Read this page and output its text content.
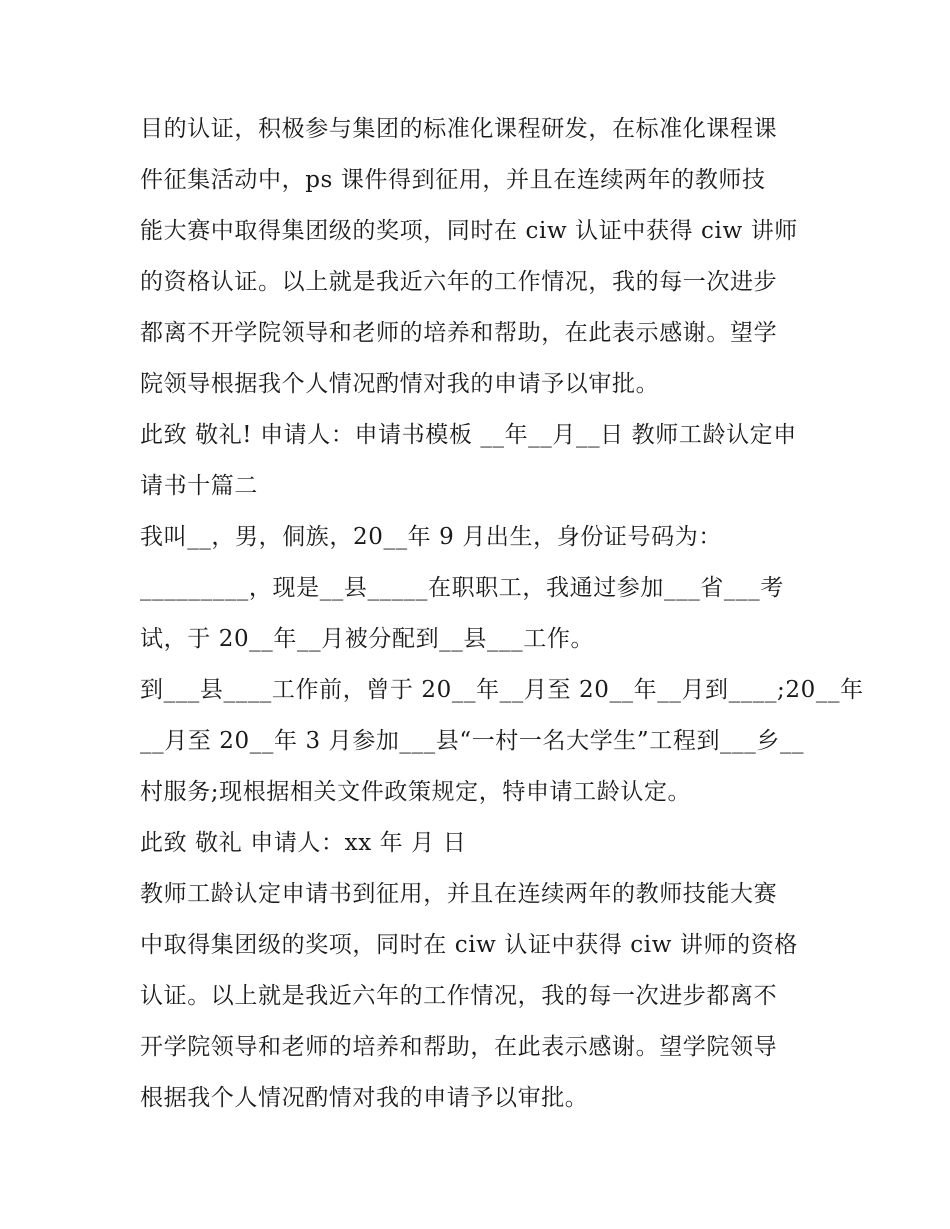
目的认证，积极参与集团的标准化课程研发，在标准化课程课
件征集活动中，ps 课件得到征用，并且在连续两年的教师技
能大赛中取得集团级的奖项，同时在 ciw 认证中获得 ciw 讲师
的资格认证。以上就是我近六年的工作情况，我的每一次进步
都离不开学院领导和老师的培养和帮助，在此表示感谢。望学
院领导根据我个人情况酌情对我的申请予以审批。
此致 敬礼! 申请人：申请书模板 __年__月__日 教师工龄认定申
请书十篇二
我叫__，男，侗族，20__年 9 月出生，身份证号码为：
_________，现是__县_____在职职工，我通过参加___省___考
试，于 20__年__月被分配到__县___工作。
到___县____工作前，曾于 20__年__月至 20__年__月到____;20__年
__月至 20__年 3 月参加___县“一村一名大学生”工程到___乡__
村服务;现根据相关文件政策规定，特申请工龄认定。
此致 敬礼 申请人：xx 年 月 日
教师工龄认定申请书到征用，并且在连续两年的教师技能大赛
中取得集团级的奖项，同时在 ciw 认证中获得 ciw 讲师的资格
认证。以上就是我近六年的工作情况，我的每一次进步都离不
开学院领导和老师的培养和帮助，在此表示感谢。望学院领导
根据我个人情况酌情对我的申请予以审批。
